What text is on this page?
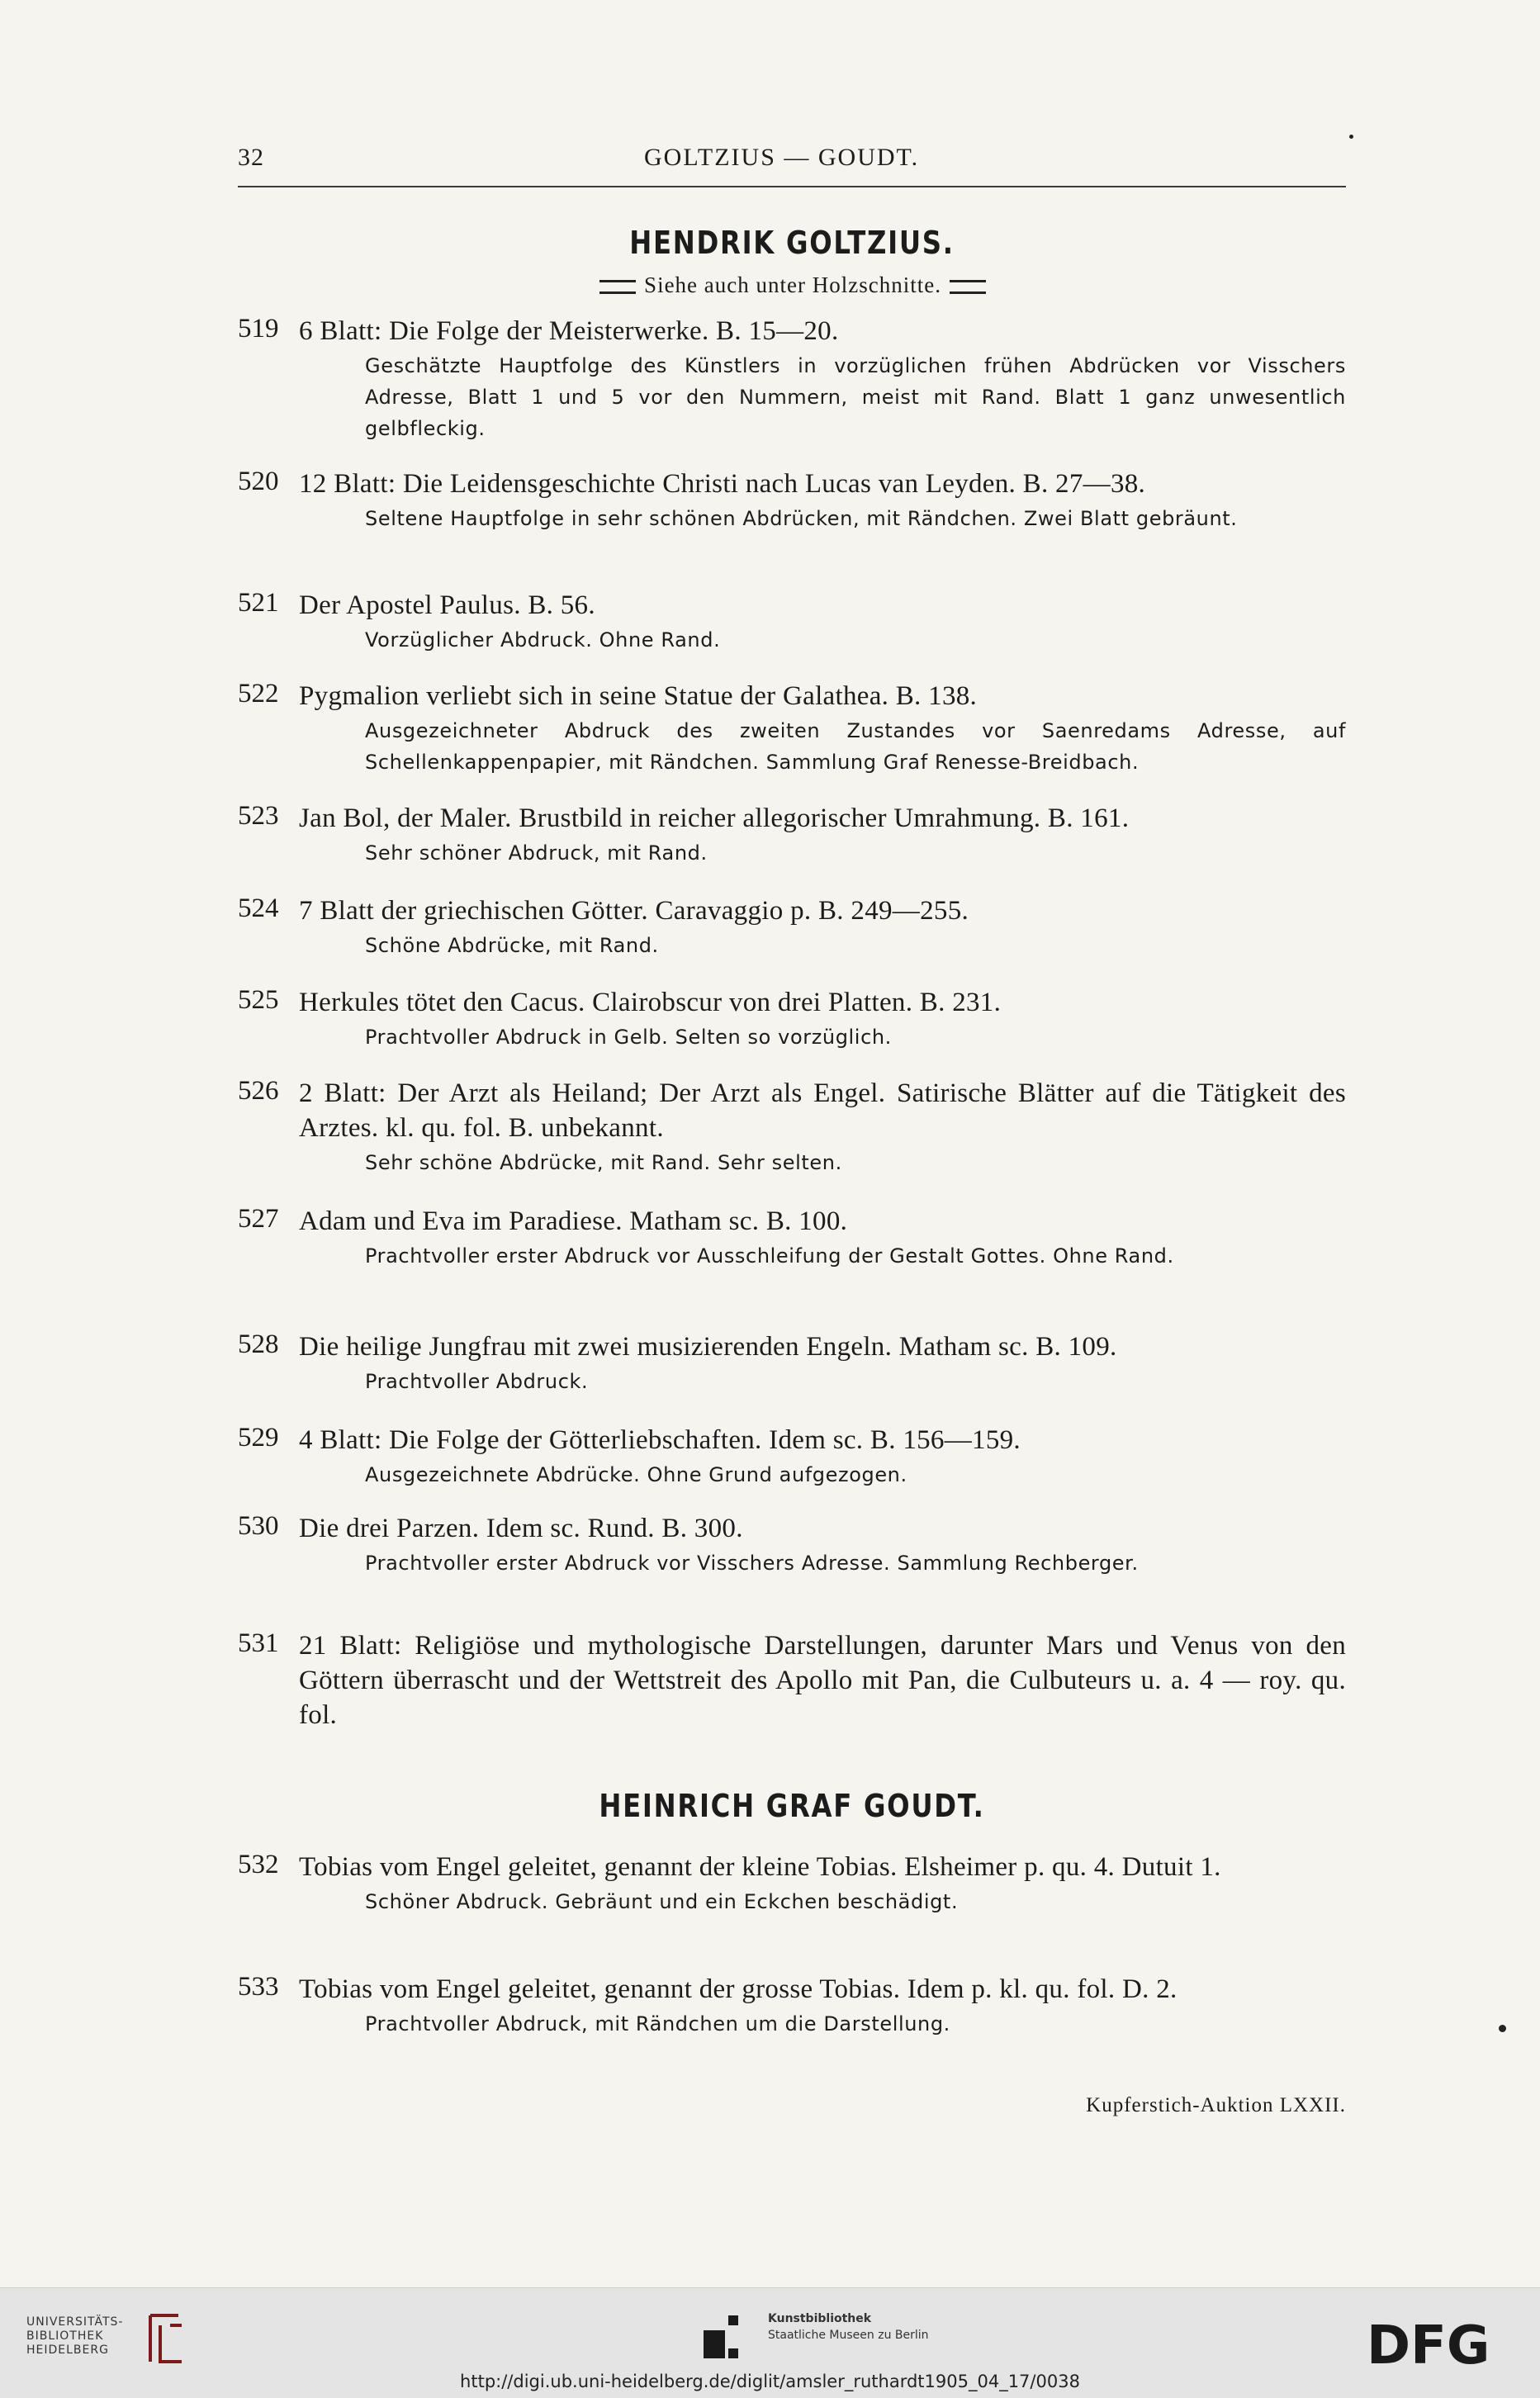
32	GOLTZIUS — GOUDT.
HENDRIK GOLTZIUS.
Siehe auch unter Holzschnitte.
519 6 Blatt: Die Folge der Meisterwerke. B. 15—20.
Geschätzte Hauptfolge des Künstlers in vorzüglichen frühen Abdrücken vor Visschers Adresse, Blatt 1 und 5 vor den Nummern, meist mit Rand. Blatt 1 ganz unwesentlich gelbfleckig.
520 12 Blatt: Die Leidensgeschichte Christi nach Lucas van Leyden. B. 27—38.
Seltene Hauptfolge in sehr schönen Abdrücken, mit Rändchen. Zwei Blatt gebräunt.
521 Der Apostel Paulus. B. 56.
Vorzüglicher Abdruck. Ohne Rand.
522 Pygmalion verliebt sich in seine Statue der Galathea. B. 138.
Ausgezeichneter Abdruck des zweiten Zustandes vor Saenredams Adresse, auf Schellenkappenpapier, mit Rändchen. Sammlung Graf Renesse-Breidbach.
523 Jan Bol, der Maler. Brustbild in reicher allegorischer Umrahmung. B. 161.
Sehr schöner Abdruck, mit Rand.
524 7 Blatt der griechischen Götter. Caravaggio p. B. 249—255.
Schöne Abdrücke, mit Rand.
525 Herkules tötet den Cacus. Clairobscur von drei Platten. B. 231.
Prachtvoller Abdruck in Gelb. Selten so vorzüglich.
526 2 Blatt: Der Arzt als Heiland; Der Arzt als Engel. Satirische Blätter auf die Tätigkeit des Arztes. kl. qu. fol. B. unbekannt.
Sehr schöne Abdrücke, mit Rand. Sehr selten.
527 Adam und Eva im Paradiese. Matham sc. B. 100.
Prachtvoller erster Abdruck vor Ausschleifung der Gestalt Gottes. Ohne Rand.
528 Die heilige Jungfrau mit zwei musizierenden Engeln. Matham sc. B. 109.
Prachtvoller Abdruck.
529 4 Blatt: Die Folge der Götterliebschaften. Idem sc. B. 156—159.
Ausgezeichnete Abdrücke. Ohne Grund aufgezogen.
530 Die drei Parzen. Idem sc. Rund. B. 300.
Prachtvoller erster Abdruck vor Visschers Adresse. Sammlung Rechberger.
531 21 Blatt: Religiöse und mythologische Darstellungen, darunter Mars und Venus von den Göttern überrascht und der Wettstreit des Apollo mit Pan, die Culbuteurs u. a. 4 — roy. qu. fol.
HEINRICH GRAF GOUDT.
532 Tobias vom Engel geleitet, genannt der kleine Tobias. Elsheimer p. qu. 4. Dutuit 1.
Schöner Abdruck. Gebräunt und ein Eckchen beschädigt.
533 Tobias vom Engel geleitet, genannt der grosse Tobias. Idem p. kl. qu. fol. D. 2.
Prachtvoller Abdruck, mit Rändchen um die Darstellung.
Kupferstich-Auktion LXXII.
UNIVERSITÄTS-
BIBLIOTHEK
HEIDELBERG
Kunstbibliothek
Staatliche Museen zu Berlin	DFG
http://digi.ub.uni-heidelberg.de/diglit/amsler_ruthardt1905_04_17/0038
